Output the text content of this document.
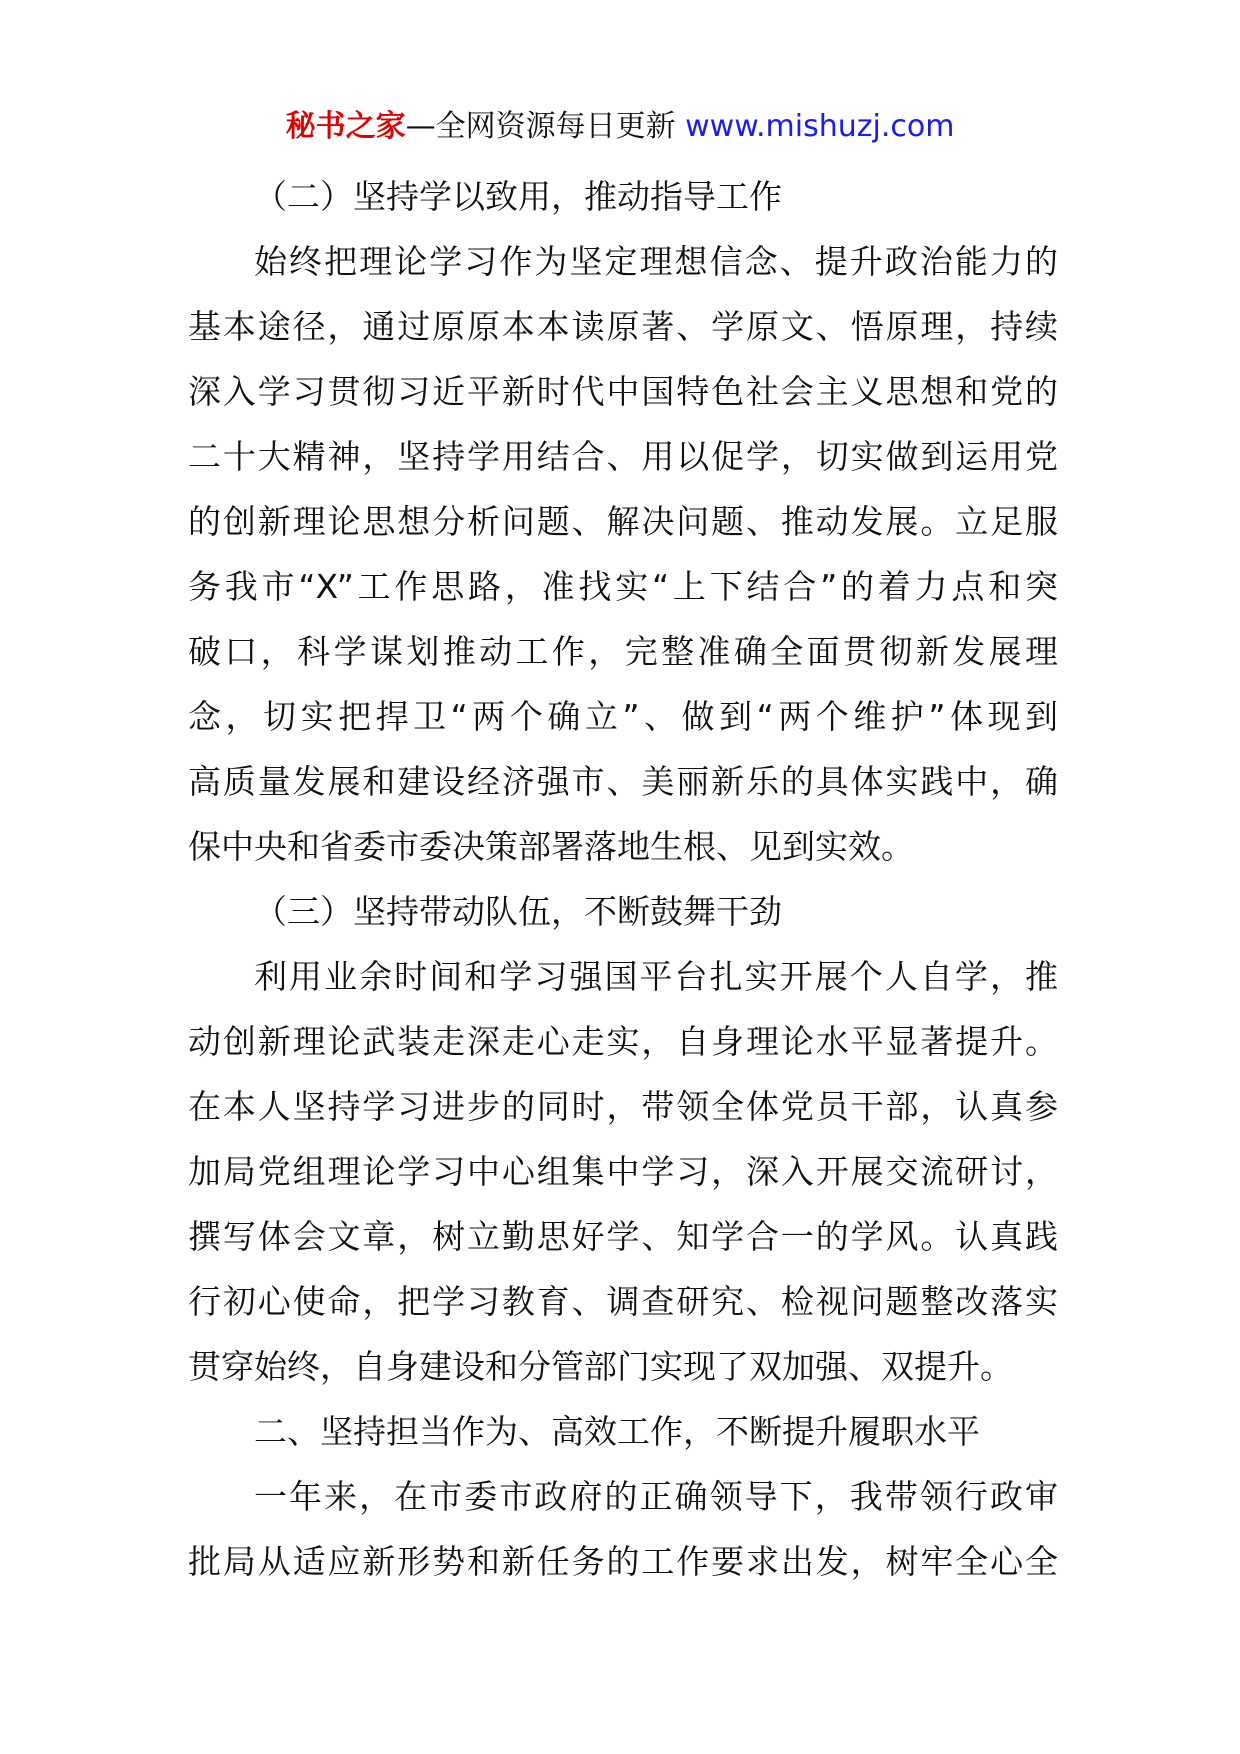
秘书之家—全网资源每日更新 www.mishuzj.com
（二）坚持学以致用，推动指导工作
始终把理论学习作为坚定理想信念、提升政治能力的
基本途径，通过原原本本读原著、学原文、悟原理，持续
深入学习贯彻习近平新时代中国特色社会主义思想和党的
二十大精神，坚持学用结合、用以促学，切实做到运用党
的创新理论思想分析问题、解决问题、推动发展。立足服
务我市“X”工作思路，准找实“上下结合”的着力点和突
破口，科学谋划推动工作，完整准确全面贯彻新发展理
念，切实把捍卫“两个确立”、做到“两个维护”体现到
高质量发展和建设经济强市、美丽新乐的具体实践中，确
保中央和省委市委决策部署落地生根、见到实效。
（三）坚持带动队伍，不断鼓舞干劲
利用业余时间和学习强国平台扎实开展个人自学，推
动创新理论武装走深走心走实，自身理论水平显著提升。
在本人坚持学习进步的同时，带领全体党员干部，认真参
加局党组理论学习中心组集中学习，深入开展交流研讨，
撰写体会文章，树立勤思好学、知学合一的学风。认真践
行初心使命，把学习教育、调查研究、检视问题整改落实
贯穿始终，自身建设和分管部门实现了双加强、双提升。
二、坚持担当作为、高效工作，不断提升履职水平
一年来，在市委市政府的正确领导下，我带领行政审
批局从适应新形势和新任务的工作要求出发，树牢全心全
